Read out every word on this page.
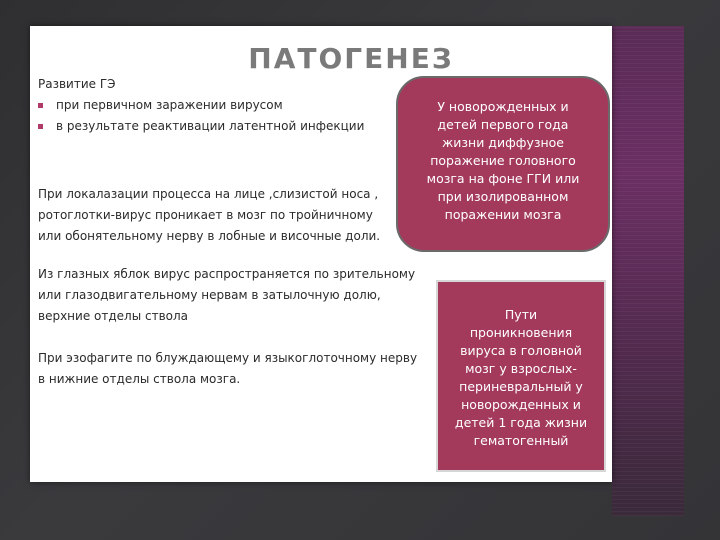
ПАТОГЕНЕЗ
Развитие ГЭ
при первичном заражении вирусом
в результате реактивации латентной инфекции
При локалазации процесса на лице ,слизистой носа ,
ротоглотки-вирус проникает в мозг по тройничному
или обонятельному нерву в лобные и височные доли.
Из глазных яблок вирус распространяется по зрительному
или глазодвигательному нервам в затылочную долю,
верхние отделы ствола
При эзофагите по блуждающему и языкоглоточному нерву
в нижние отделы ствола мозга.
У новорожденных и
детей первого года
жизни диффузное
поражение головного
мозга на фоне ГГИ или
при изолированном
поражении мозга
Пути
проникновения
вируса в головной
мозг у взрослых-
периневральный у
новорожденных и
детей 1 года жизни
гематогенный
